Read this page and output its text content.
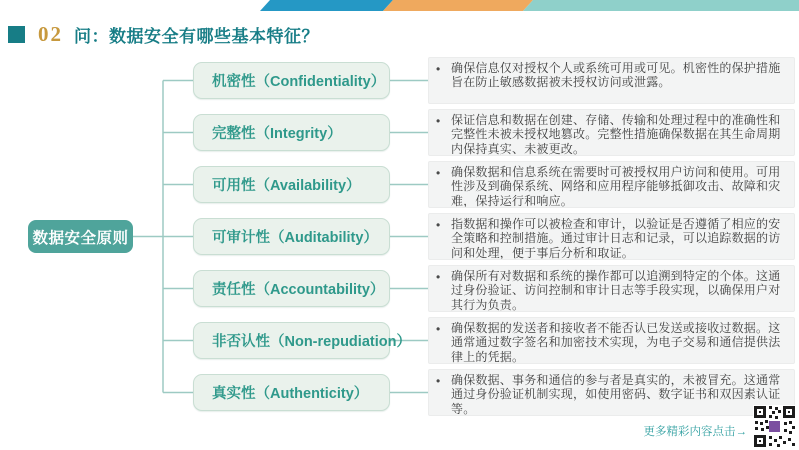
02 问：数据安全有哪些基本特征？
数据安全原则
机密性（Confidentiality）
• 确保信息仅对授权个人或系统可用或可见。机密性的保护措施旨在防止敏感数据被未授权访问或泄露。
完整性（Integrity）
• 保证信息和数据在创建、存储、传输和处理过程中的准确性和完整性未被未授权地篡改。完整性措施确保数据在其生命周期内保持真实、未被更改。
可用性（Availability）
• 确保数据和信息系统在需要时可被授权用户访问和使用。可用性涉及到确保系统、网络和应用程序能够抵御攻击、故障和灾难，保持运行和响应。
可审计性（Auditability）
• 指数据和操作可以被检查和审计，以验证是否遵循了相应的安全策略和控制措施。通过审计日志和记录，可以追踪数据的访问和处理，便于事后分析和取证。
责任性（Accountability）
• 确保所有对数据和系统的操作都可以追溯到特定的个体。这通过身份验证、访问控制和审计日志等手段实现，以确保用户对其行为负责。
非否认性（Non-repudiation）
• 确保数据的发送者和接收者不能否认已发送或接收过数据。这通常通过数字签名和加密技术实现，为电子交易和通信提供法律上的凭据。
真实性（Authenticity）
• 确保数据、事务和通信的参与者是真实的，未被冒充。这通常通过身份验证机制实现，如使用密码、数字证书和双因素认证等。
更多精彩内容点击→
